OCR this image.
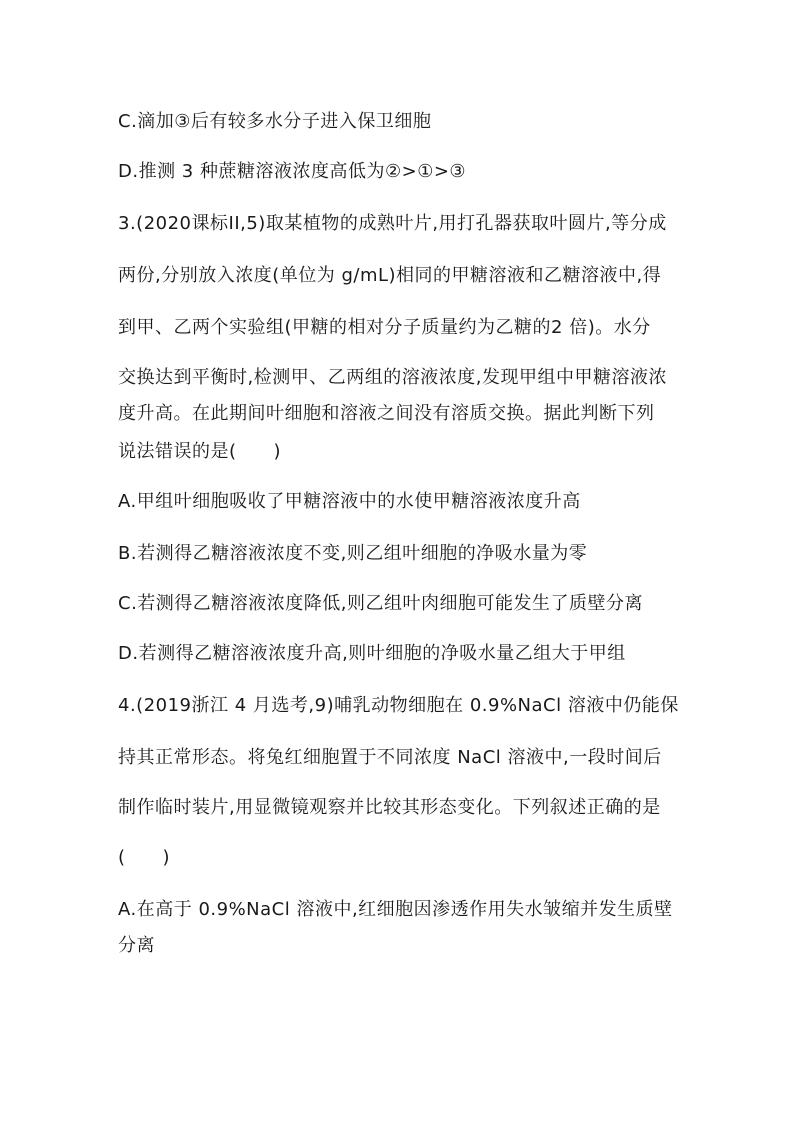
C.滴加③后有较多水分子进入保卫细胞
D.推测 3 种蔗糖溶液浓度高低为②>①>③
3.(2020课标II,5)取某植物的成熟叶片,用打孔器获取叶圆片,等分成
两份,分别放入浓度(单位为 g/mL)相同的甲糖溶液和乙糖溶液中,得
到甲、乙两个实验组(甲糖的相对分子质量约为乙糖的2 倍)。水分
交换达到平衡时,检测甲、乙两组的溶液浓度,发现甲组中甲糖溶液浓
度升高。在此期间叶细胞和溶液之间没有溶质交换。据此判断下列
说法错误的是(　　)
A.甲组叶细胞吸收了甲糖溶液中的水使甲糖溶液浓度升高
B.若测得乙糖溶液浓度不变,则乙组叶细胞的净吸水量为零
C.若测得乙糖溶液浓度降低,则乙组叶肉细胞可能发生了质壁分离
D.若测得乙糖溶液浓度升高,则叶细胞的净吸水量乙组大于甲组
4.(2019浙江 4 月选考,9)哺乳动物细胞在 0.9%NaCl 溶液中仍能保
持其正常形态。将兔红细胞置于不同浓度 NaCl 溶液中,一段时间后
制作临时装片,用显微镜观察并比较其形态变化。下列叙述正确的是
(　　)
A.在高于 0.9%NaCl 溶液中,红细胞因渗透作用失水皱缩并发生质壁
分离
